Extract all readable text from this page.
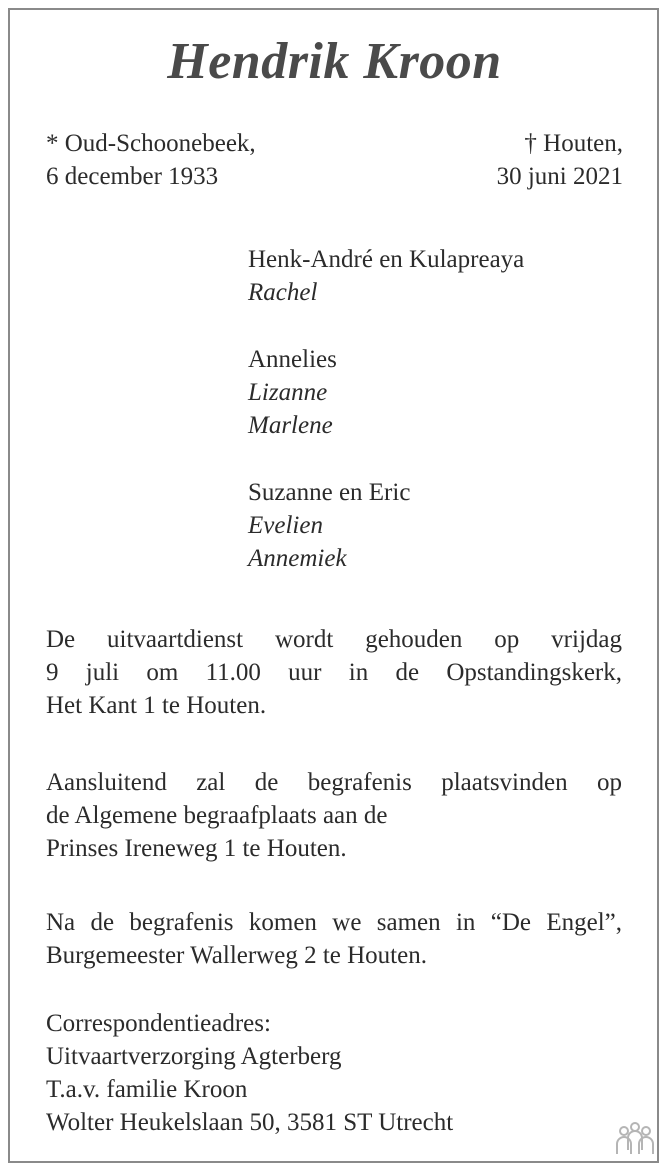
Hendrik Kroon
* Oud-Schoonebeek,
6 december 1933
† Houten,
30 juni 2021
Henk-André en Kulapreaya
Rachel
Annelies
Lizanne
Marlene
Suzanne en Eric
Evelien
Annemiek
De uitvaartdienst wordt gehouden op vrijdag
9 juli om 11.00 uur in de Opstandingskerk,
Het Kant 1 te Houten.
Aansluitend zal de begrafenis plaatsvinden op
de Algemene begraafplaats aan de
Prinses Ireneweg 1 te Houten.
Na de begrafenis komen we samen in “De Engel”,
Burgemeester Wallerweg 2 te Houten.
Correspondentieadres:
Uitvaartverzorging Agterberg
T.a.v. familie Kroon
Wolter Heukelslaan 50, 3581 ST Utrecht
